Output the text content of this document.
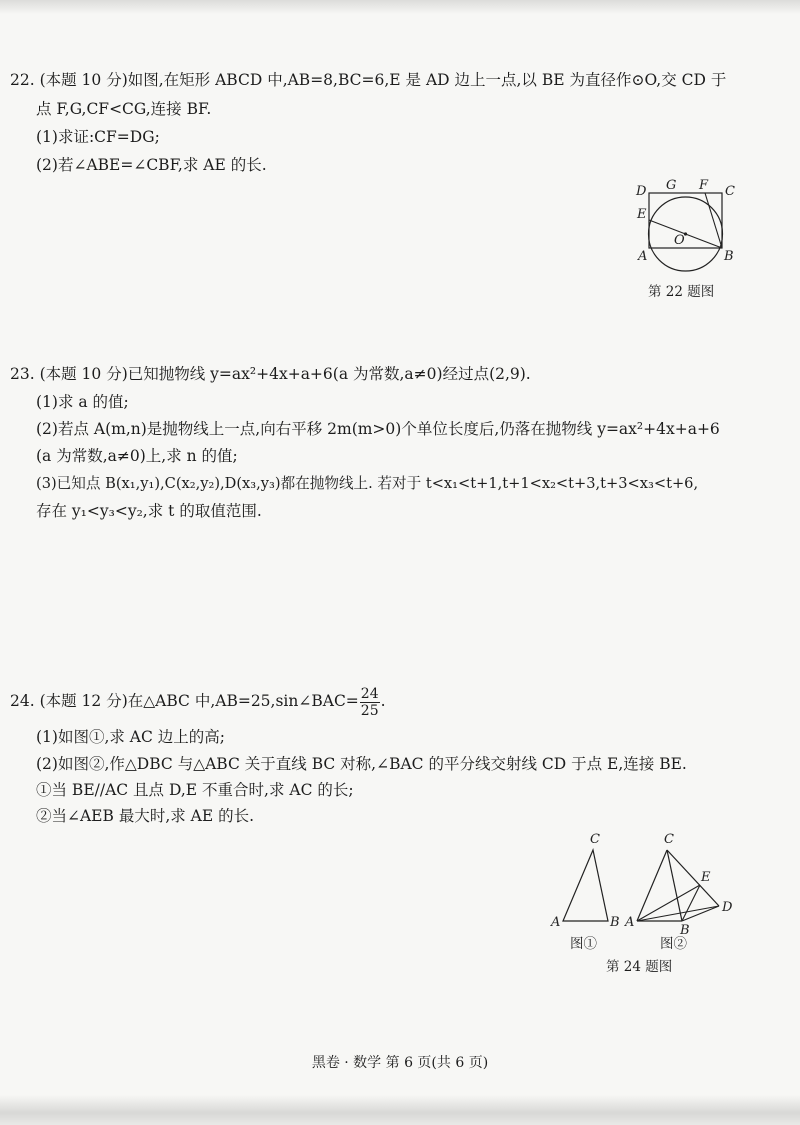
22. (本题 10 分)如图,在矩形 ABCD 中,AB=8,BC=6,E 是 AD 边上一点,以 BE 为直径作⊙O,交 CD 于
点 F,G,CF<CG,连接 BF.
(1)求证:CF=DG;
(2)若∠ABE=∠CBF,求 AE 的长.
D G F C
E
O
A	B
第 22 题图
23. (本题 10 分)已知抛物线 y=ax²+4x+a+6(a 为常数,a≠0)经过点(2,9).
(1)求 a 的值;
(2)若点 A(m,n)是抛物线上一点,向右平移 2m(m>0)个单位长度后,仍落在抛物线 y=ax²+4x+a+6
(a 为常数,a≠0)上,求 n 的值;
(3)已知点 B(x₁,y₁),C(x₂,y₂),D(x₃,y₃)都在抛物线上. 若对于 t<x₁<t+1,t+1<x₂<t+3,t+3<x₃<t+6,
存在 y₁<y₃<y₂,求 t 的取值范围.
24. (本题 12 分)在△ABC 中,AB=25,sin∠BAC= $\frac{24}{25}$ .
(1)如图①,求 AC 边上的高;
(2)如图②,作△DBC 与△ABC 关于直线 BC 对称,∠BAC 的平分线交射线 CD 于点 E,连接 BE.
①当 BE//AC 且点 D,E 不重合时,求 AC 的长;
②当∠AEB 最大时,求 AE 的长.
C
A	B
图①
C
E
D
A
B
图②
第 24 题图
黑卷 · 数学 第 6 页(共 6 页)
